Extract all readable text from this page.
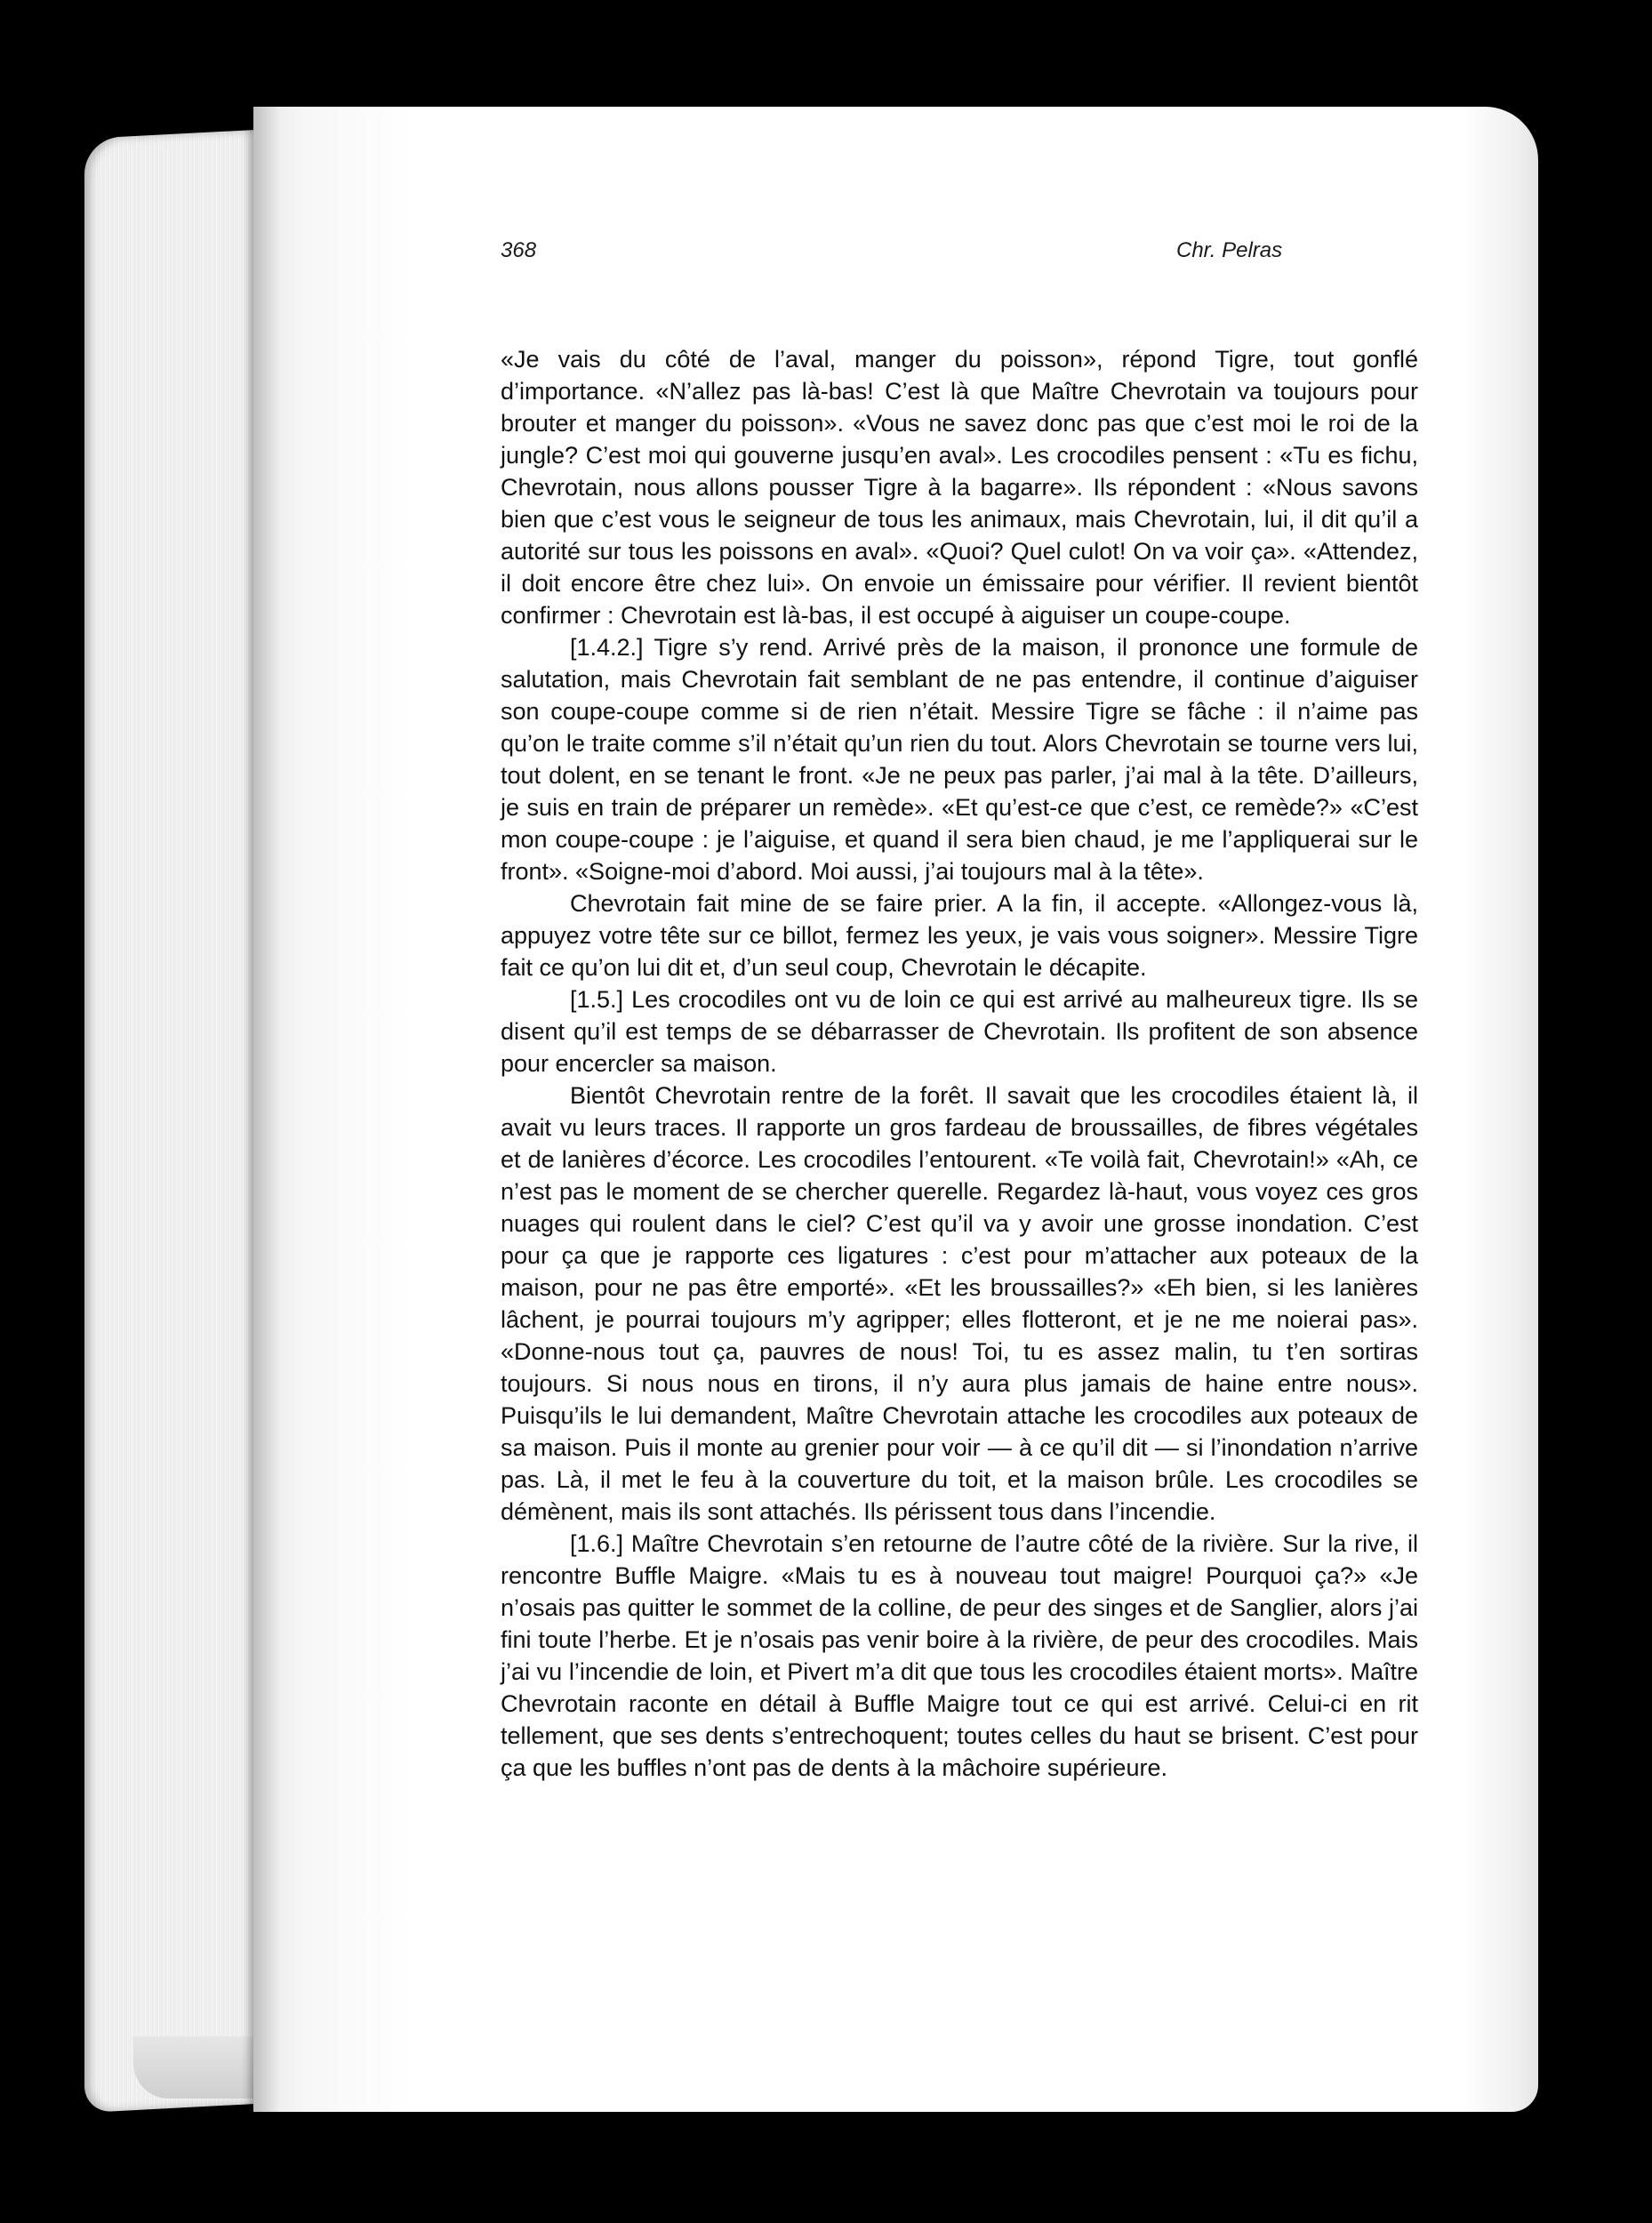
368	Chr. Pelras

«Je vais du côté de l’aval, manger du poisson», répond Tigre, tout gonflé d’importance. «N’allez pas là-bas! C’est là que Maître Chevrotain va toujours pour brouter et manger du poisson». «Vous ne savez donc pas que c’est moi le roi de la jungle? C’est moi qui gouverne jusqu’en aval». Les crocodiles pensent : «Tu es fichu, Chevrotain, nous allons pousser Tigre à la bagarre». Ils répondent : «Nous savons bien que c’est vous le seigneur de tous les animaux, mais Chevrotain, lui, il dit qu’il a autorité sur tous les poissons en aval». «Quoi? Quel culot! On va voir ça». «Attendez, il doit encore être chez lui». On envoie un émissaire pour vérifier. Il revient bientôt confirmer : Chevrotain est là-bas, il est occupé à aiguiser un coupe-coupe.

[1.4.2.] Tigre s’y rend. Arrivé près de la maison, il prononce une formule de salutation, mais Chevrotain fait semblant de ne pas entendre, il continue d’aiguiser son coupe-coupe comme si de rien n’était. Messire Tigre se fâche : il n’aime pas qu’on le traite comme s’il n’était qu’un rien du tout. Alors Chevrotain se tourne vers lui, tout dolent, en se tenant le front. «Je ne peux pas parler, j’ai mal à la tête. D’ailleurs, je suis en train de préparer un remède». «Et qu’est-ce que c’est, ce remède?» «C’est mon coupe-coupe : je l’aiguise, et quand il sera bien chaud, je me l’appliquerai sur le front». «Soigne-moi d’abord. Moi aussi, j’ai toujours mal à la tête».

Chevrotain fait mine de se faire prier. A la fin, il accepte. «Allongez-vous là, appuyez votre tête sur ce billot, fermez les yeux, je vais vous soigner». Messire Tigre fait ce qu’on lui dit et, d’un seul coup, Chevrotain le décapite.

[1.5.] Les crocodiles ont vu de loin ce qui est arrivé au malheureux tigre. Ils se disent qu’il est temps de se débarrasser de Chevrotain. Ils profitent de son absence pour encercler sa maison.

Bientôt Chevrotain rentre de la forêt. Il savait que les crocodiles étaient là, il avait vu leurs traces. Il rapporte un gros fardeau de broussailles, de fibres végétales et de lanières d’écorce. Les crocodiles l’entourent. «Te voilà fait, Chevrotain!» «Ah, ce n’est pas le moment de se chercher querelle. Regardez là-haut, vous voyez ces gros nuages qui roulent dans le ciel? C’est qu’il va y avoir une grosse inondation. C’est pour ça que je rapporte ces ligatures : c’est pour m’attacher aux poteaux de la maison, pour ne pas être emporté». «Et les broussailles?» «Eh bien, si les lanières lâchent, je pourrai toujours m’y agripper; elles flotteront, et je ne me noierai pas». «Donne-nous tout ça, pauvres de nous! Toi, tu es assez malin, tu t’en sortiras toujours. Si nous nous en tirons, il n’y aura plus jamais de haine entre nous». Puisqu’ils le lui demandent, Maître Chevrotain attache les crocodiles aux poteaux de sa maison. Puis il monte au grenier pour voir — à ce qu’il dit — si l’inondation n’arrive pas. Là, il met le feu à la couverture du toit, et la maison brûle. Les crocodiles se démènent, mais ils sont attachés. Ils périssent tous dans l’incendie.

[1.6.] Maître Chevrotain s’en retourne de l’autre côté de la rivière. Sur la rive, il rencontre Buffle Maigre. «Mais tu es à nouveau tout maigre! Pourquoi ça?» «Je n’osais pas quitter le sommet de la colline, de peur des singes et de Sanglier, alors j’ai fini toute l’herbe. Et je n’osais pas venir boire à la rivière, de peur des crocodiles. Mais j’ai vu l’incendie de loin, et Pivert m’a dit que tous les crocodiles étaient morts». Maître Chevrotain raconte en détail à Buffle Maigre tout ce qui est arrivé. Celui-ci en rit tellement, que ses dents s’entrechoquent; toutes celles du haut se brisent. C’est pour ça que les buffles n’ont pas de dents à la mâchoire supérieure.
